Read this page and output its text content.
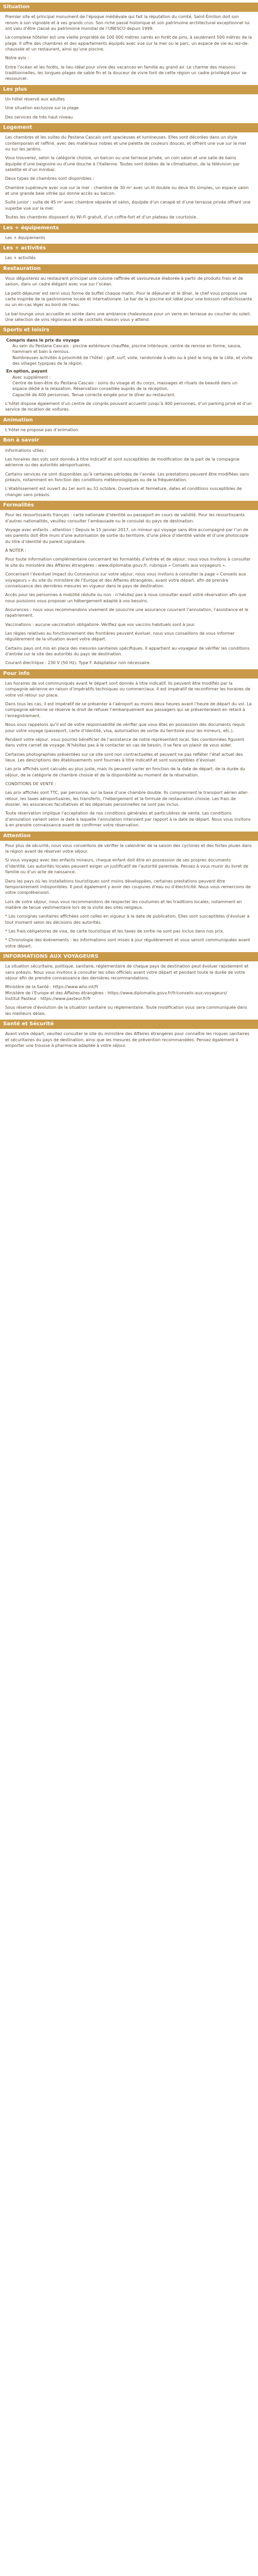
Situation
Premier site et principal monument de l’époque médiévale qui fait la réputation du comté, Saint-Émilion doit son renom à son vignoble et à ses grands crus. Son riche passé historique et son patrimoine architectural exceptionnel lui ont valu d’être classé au patrimoine mondial de l’UNESCO depuis 1999.
Le complexe hôtelier est une vieille propriété de 100 000 mètres carrés en forêt de pins, à seulement 500 mètres de la plage. Il offre des chambres et des appartements équipés avec vue sur la mer ou le parc, un espace de vie au rez-de-chaussée et un restaurant, ainsi qu’une piscine.
Notre avis :
Entre l’océan et les forêts, le lieu idéal pour vivre des vacances en famille au grand air. Le charme des maisons traditionnelles, les longues plages de sable fin et la douceur de vivre font de cette région un cadre privilégié pour se ressourcer.
Les plus
Un hôtel réservé aux adultes
Une situation exclusive sur la plage
Des services de très haut niveau
Logement
Les chambres et les suites du Pestana Cascais sont spacieuses et lumineuses. Elles sont décorées dans un style contemporain et raffiné, avec des matériaux nobles et une palette de couleurs douces, et offrent une vue sur la mer ou sur les jardins.
Vous trouverez, selon la catégorie choisie, un balcon ou une terrasse privée, un coin salon et une salle de bains équipée d’une baignoire ou d’une douche à l’italienne. Toutes sont dotées de la climatisation, de la télévision par satellite et d’un minibar.
Deux types de chambres sont disponibles :
Chambre supérieure avec vue sur la mer : chambre de 30 m² avec un lit double ou deux lits simples, un espace salon et une grande baie vitrée qui donne accès au balcon.
Suite junior : suite de 45 m² avec chambre séparée et salon, équipée d’un canapé et d’une terrasse privée offrant une superbe vue sur la mer.
Toutes les chambres disposent du Wi-Fi gratuit, d’un coffre-fort et d’un plateau de courtoisie.
Les + équipements
Les + équipements
Les + activités
Les + activités
Restauration
Vous dégusterez au restaurant principal une cuisine raffinée et savoureuse élaborée à partir de produits frais et de saison, dans un cadre élégant avec vue sur l’océan.
Le petit-déjeuner est servi sous forme de buffet chaque matin. Pour le déjeuner et le dîner, le chef vous propose une carte inspirée de la gastronomie locale et internationale. Le bar de la piscine est idéal pour une boisson rafraîchissante ou un en-cas léger au bord de l’eau.
Le bar-lounge vous accueille en soirée dans une ambiance chaleureuse pour un verre en terrasse au coucher du soleil. Une sélection de vins régionaux et de cocktails maison vous y attend.
Sports et loisirs
Compris dans le prix du voyage
Au sein du Pestana Cascais : piscine extérieure chauffée, piscine intérieure, centre de remise en forme, sauna, hammam et bain à remous.
Nombreuses activités à proximité de l’hôtel : golf, surf, voile, randonnée à vélo ou à pied le long de la côte, et visite des villages typiques de la région.
En option, payant
Avec supplément :
Centre de bien-être du Pestana Cascais : soins du visage et du corps, massages et rituels de beauté dans un espace dédié à la relaxation. Réservation conseillée auprès de la réception.
Capacité de 400 personnes. Tenue correcte exigée pour le dîner au restaurant.
L’hôtel dispose également d’un centre de congrès pouvant accueillir jusqu’à 400 personnes, d’un parking privé et d’un service de location de voitures.
Animation
L’hôtel ne propose pas d’animation.
Bon à savoir
Informations utiles :
Les horaires des vols sont donnés à titre indicatif et sont susceptibles de modification de la part de la compagnie aérienne ou des autorités aéroportuaires.
Certains services ne sont disponibles qu’à certaines périodes de l’année. Les prestations peuvent être modifiées sans préavis, notamment en fonction des conditions météorologiques ou de la fréquentation.
L’établissement est ouvert du 1er avril au 31 octobre. Ouverture et fermeture, dates et conditions susceptibles de changer sans préavis.
Formalités
Pour les ressortissants français : carte nationale d’identité ou passeport en cours de validité. Pour les ressortissants d’autres nationalités, veuillez consulter l’ambassade ou le consulat du pays de destination.
Voyage avec enfants : attention ! Depuis le 15 janvier 2017, un mineur qui voyage sans être accompagné par l’un de ses parents doit être muni d’une autorisation de sortie du territoire, d’une pièce d’identité valide et d’une photocopie du titre d’identité du parent signataire.
À NOTER :
Pour toute information complémentaire concernant les formalités d’entrée et de séjour, nous vous invitons à consulter le site du ministère des Affaires étrangères : www.diplomatie.gouv.fr, rubrique « Conseils aux voyageurs ».
Concernant l’éventuel impact du Coronavirus sur votre séjour, nous vous invitons à consulter la page « Conseils aux voyageurs » du site du ministère de l’Europe et des Affaires étrangères, avant votre départ, afin de prendre connaissance des dernières mesures en vigueur dans le pays de destination.
Accès pour les personnes à mobilité réduite ou non : n’hésitez pas à nous consulter avant votre réservation afin que nous puissions vous proposer un hébergement adapté à vos besoins.
Assurances : nous vous recommandons vivement de souscrire une assurance couvrant l’annulation, l’assistance et le rapatriement.
Vaccinations : aucune vaccination obligatoire. Vérifiez que vos vaccins habituels sont à jour.
Les règles relatives au fonctionnement des frontières peuvent évoluer, nous vous conseillons de vous informer régulièrement de la situation avant votre départ.
Certains pays ont mis en place des mesures sanitaires spécifiques. Il appartient au voyageur de vérifier les conditions d’entrée sur le site des autorités du pays de destination.
Courant électrique : 230 V (50 Hz). Type F. Adaptateur non nécessaire.
Pour info
Les horaires de vol communiqués avant le départ sont donnés à titre indicatif. Ils peuvent être modifiés par la compagnie aérienne en raison d’impératifs techniques ou commerciaux. Il est impératif de reconfirmer les horaires de votre vol retour sur place.
Dans tous les cas, il est impératif de se présenter à l’aéroport au moins deux heures avant l’heure de départ du vol. La compagnie aérienne se réserve le droit de refuser l’embarquement aux passagers qui se présenteraient en retard à l’enregistrement.
Nous vous rappelons qu’il est de votre responsabilité de vérifier que vous êtes en possession des documents requis pour votre voyage (passeport, carte d’identité, visa, autorisation de sortie du territoire pour les mineurs, etc.).
Pendant votre séjour, vous pourrez bénéficier de l’assistance de notre représentant local. Ses coordonnées figurent dans votre carnet de voyage. N’hésitez pas à le contacter en cas de besoin, il se fera un plaisir de vous aider.
Certaines photographies présentées sur ce site sont non contractuelles et peuvent ne pas refléter l’état actuel des lieux. Les descriptions des établissements sont fournies à titre indicatif et sont susceptibles d’évoluer.
Les prix affichés sont calculés au plus juste, mais ils peuvent varier en fonction de la date de départ, de la durée du séjour, de la catégorie de chambre choisie et de la disponibilité au moment de la réservation.
CONDITIONS DE VENTE :
Les prix affichés sont TTC, par personne, sur la base d’une chambre double. Ils comprennent le transport aérien aller-retour, les taxes aéroportuaires, les transferts, l’hébergement et la formule de restauration choisie. Les frais de dossier, les assurances facultatives et les dépenses personnelles ne sont pas inclus.
Toute réservation implique l’acceptation de nos conditions générales et particulières de vente. Les conditions d’annulation varient selon la date à laquelle l’annulation intervient par rapport à la date de départ. Nous vous invitons à en prendre connaissance avant de confirmer votre réservation.
Attention
Pour plus de sécurité, nous vous conseillons de vérifier le calendrier de la saison des cyclones et des fortes pluies dans la région avant de réserver votre séjour.
Si vous voyagez avec des enfants mineurs, chaque enfant doit être en possession de ses propres documents d’identité. Les autorités locales peuvent exiger un justificatif de l’autorité parentale. Pensez à vous munir du livret de famille ou d’un acte de naissance.
Dans les pays où les installations touristiques sont moins développées, certaines prestations peuvent être temporairement indisponibles. Il peut également y avoir des coupures d’eau ou d’électricité. Nous vous remercions de votre compréhension.
Lors de votre séjour, nous vous recommandons de respecter les coutumes et les traditions locales, notamment en matière de tenue vestimentaire lors de la visite des sites religieux.
* Les consignes sanitaires affichées sont celles en vigueur à la date de publication. Elles sont susceptibles d’évoluer à tout moment selon les décisions des autorités.
* Les frais obligatoires de visa, de carte touristique et les taxes de sortie ne sont pas inclus dans nos prix.
* Chronologie des événements : les informations sont mises à jour régulièrement et vous seront communiquées avant votre départ.
INFORMATIONS AUX VOYAGEURS
La situation sécuritaire, politique, sanitaire, réglementaire de chaque pays de destination peut évoluer rapidement et sans préavis. Nous vous invitons à consulter les sites officiels avant votre départ et pendant toute la durée de votre séjour afin de prendre connaissance des dernières recommandations.
Ministère de la Santé : https://www.who.int/fr
Ministère de l’Europe et des Affaires étrangères : https://www.diplomatie.gouv.fr/fr/conseils-aux-voyageurs/
Institut Pasteur : https://www.pasteur.fr/fr
Sous réserve d’évolution de la situation sanitaire ou réglementaire. Toute modification vous sera communiquée dans les meilleurs délais.
Santé et Sécurité
Avant votre départ, veuillez consulter le site du ministère des Affaires étrangères pour connaître les risques sanitaires et sécuritaires du pays de destination, ainsi que les mesures de prévention recommandées. Pensez également à emporter une trousse à pharmacie adaptée à votre séjour.
